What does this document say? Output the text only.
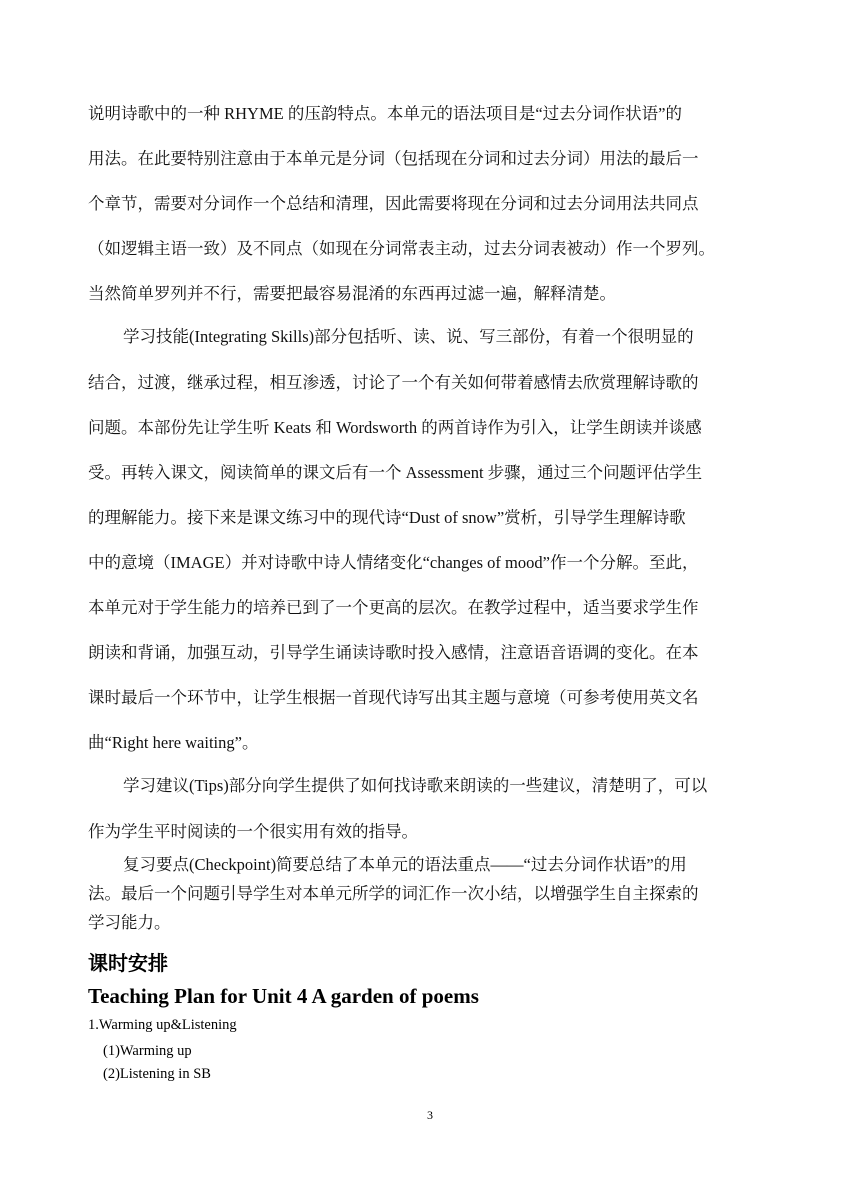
说明诗歌中的一种 RHYME 的压韵特点。本单元的语法项目是“过去分词作状语”的

用法。在此要特别注意由于本单元是分词（包括现在分词和过去分词）用法的最后一

个章节，需要对分词作一个总结和清理，因此需要将现在分词和过去分词用法共同点

（如逻辑主语一致）及不同点（如现在分词常表主动，过去分词表被动）作一个罗列。

当然简单罗列并不行，需要把最容易混淆的东西再过滤一遍，解释清楚。

学习技能(Integrating Skills)部分包括听、读、说、写三部份，有着一个很明显的

结合，过渡，继承过程，相互渗透，讨论了一个有关如何带着感情去欣赏理解诗歌的

问题。本部份先让学生听 Keats 和 Wordsworth 的两首诗作为引入，让学生朗读并谈感

受。再转入课文，阅读简单的课文后有一个 Assessment 步骤，通过三个问题评估学生

的理解能力。接下来是课文练习中的现代诗“Dust of snow”赏析，引导学生理解诗歌

中的意境（IMAGE）并对诗歌中诗人情绪变化“changes of mood”作一个分解。至此，

本单元对于学生能力的培养已到了一个更高的层次。在教学过程中，适当要求学生作

朗读和背诵，加强互动，引导学生诵读诗歌时投入感情，注意语音语调的变化。在本

课时最后一个环节中，让学生根据一首现代诗写出其主题与意境（可参考使用英文名

曲“Right here waiting”。

学习建议(Tips)部分向学生提供了如何找诗歌来朗读的一些建议，清楚明了，可以

作为学生平时阅读的一个很实用有效的指导。

复习要点(Checkpoint)简要总结了本单元的语法重点——“过去分词作状语”的用

法。最后一个问题引导学生对本单元所学的词汇作一次小结，以增强学生自主探索的

学习能力。

课时安排
Teaching Plan for Unit 4 A garden of poems

1.Warming up&Listening

(1)Warming up

(2)Listening in SB

3
